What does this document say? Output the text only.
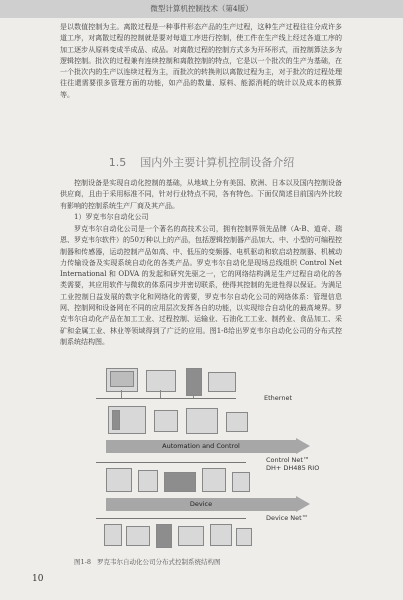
微型计算机控制技术（第4版）

是以数值控制为主。离散过程是一种事件形态产品的生产过程，这种生产过程往往分成许多道工序，对离散过程的控制就是要对每道工序进行控制，使工件在生产线上经过各道工序的加工逐步从原料变成半成品、成品。对离散过程的控制方式多为开环形式，而控制算法多为逻辑控制。批次的过程兼有连续控制和离散控制的特点，它是以一个批次的生产为基础，在一个批次内的生产以连续过程为主，而批次的转换则以离散过程为主，对于批次的过程处理往往還需要很多管理方面的功能，如产品的数量、原料、能源消耗的统计以及成本的核算等。

1.5 国内外主要计算机控制设备介绍

控制设备是实现自动化控制的基础，从地域上分有美国、欧洲、日本以及国内控制设备供应商，且由于采用标准不同，针对行业特点不同，各有特色。下面仅简述目前国内外比较有影响的控制系统生产厂商及其产品。

1）罗克韦尔自动化公司

罗克韦尔自动化公司是一个著名的高技术公司，拥有控制界领先品牌（A-B、道奇、瑞恩、罗克韦尔软件）的50万种以上的产品，包括逻辑控制器产品加大、中、小型的可编程控制器和传感器，运动控制产品如高、中、低压的变频器、电机驱动和软启动控制器、机械动力传输设备及实现系统自动化的各类产品。罗克韦尔自动化是现场总线组织 Control Net International 和 ODVA 的发起和研究先驱之一，它的网络结构满足生产过程自动化的各类需要，其应用软件与微软的体系同步并密切联系，使得其控制的先进性得以保证。为满足工业控制日益发展的数字化和网络化的需要，罗克韦尔自动化公司的网络体系：管理信息网、控制网和设备网在不同的应用层次发挥各自的功能，以实现综合自动化的最高境界。罗克韦尔自动化产品在加工工业、过程控制、运输业、石油化工工业、制药业、食品加工、采矿和金属工业、林业等领域得到了广泛的应用。图1-8给出罗克韦尔自动化公司的分布式控制系统结构图。

Ethernet
Automation and Control
Control Net™
DH+ DH485 RIO
Device
Device Net™
图1-8 罗克韦尔自动化公司分布式控制系统结构图
10
